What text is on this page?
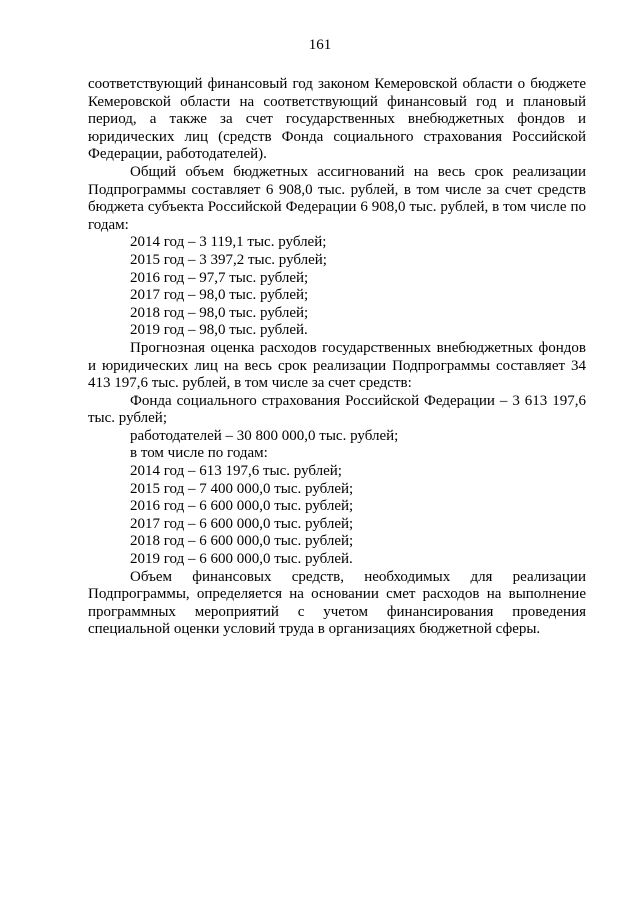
161

соответствующий финансовый год законом Кемеровской области о бюджете Кемеровской области на соответствующий финансовый год и плановый период, а также за счет государственных внебюджетных фондов и юридических лиц (средств Фонда социального страхования Российской Федерации, работодателей).

Общий объем бюджетных ассигнований на весь срок реализации Подпрограммы составляет 6 908,0 тыс. рублей, в том числе за счет средств бюджета субъекта Российской Федерации 6 908,0 тыс. рублей, в том числе по годам:

2014 год – 3 119,1 тыс. рублей;

2015 год – 3 397,2 тыс. рублей;

2016 год – 97,7 тыс. рублей;

2017 год – 98,0 тыс. рублей;

2018 год – 98,0 тыс. рублей;

2019 год – 98,0 тыс. рублей.

Прогнозная оценка расходов государственных внебюджетных фондов и юридических лиц на весь срок реализации Подпрограммы составляет 34 413 197,6 тыс. рублей, в том числе за счет средств:

Фонда социального страхования Российской Федерации – 3 613 197,6 тыс. рублей;

работодателей – 30 800 000,0 тыс. рублей;

в том числе по годам:

2014 год – 613 197,6 тыс. рублей;

2015 год – 7 400 000,0 тыс. рублей;

2016 год – 6 600 000,0 тыс. рублей;

2017 год – 6 600 000,0 тыс. рублей;

2018 год – 6 600 000,0 тыс. рублей;

2019 год – 6 600 000,0 тыс. рублей.

Объем финансовых средств, необходимых для реализации Подпрограммы, определяется на основании смет расходов на выполнение программных мероприятий с учетом финансирования проведения специальной оценки условий труда в организациях бюджетной сферы.
